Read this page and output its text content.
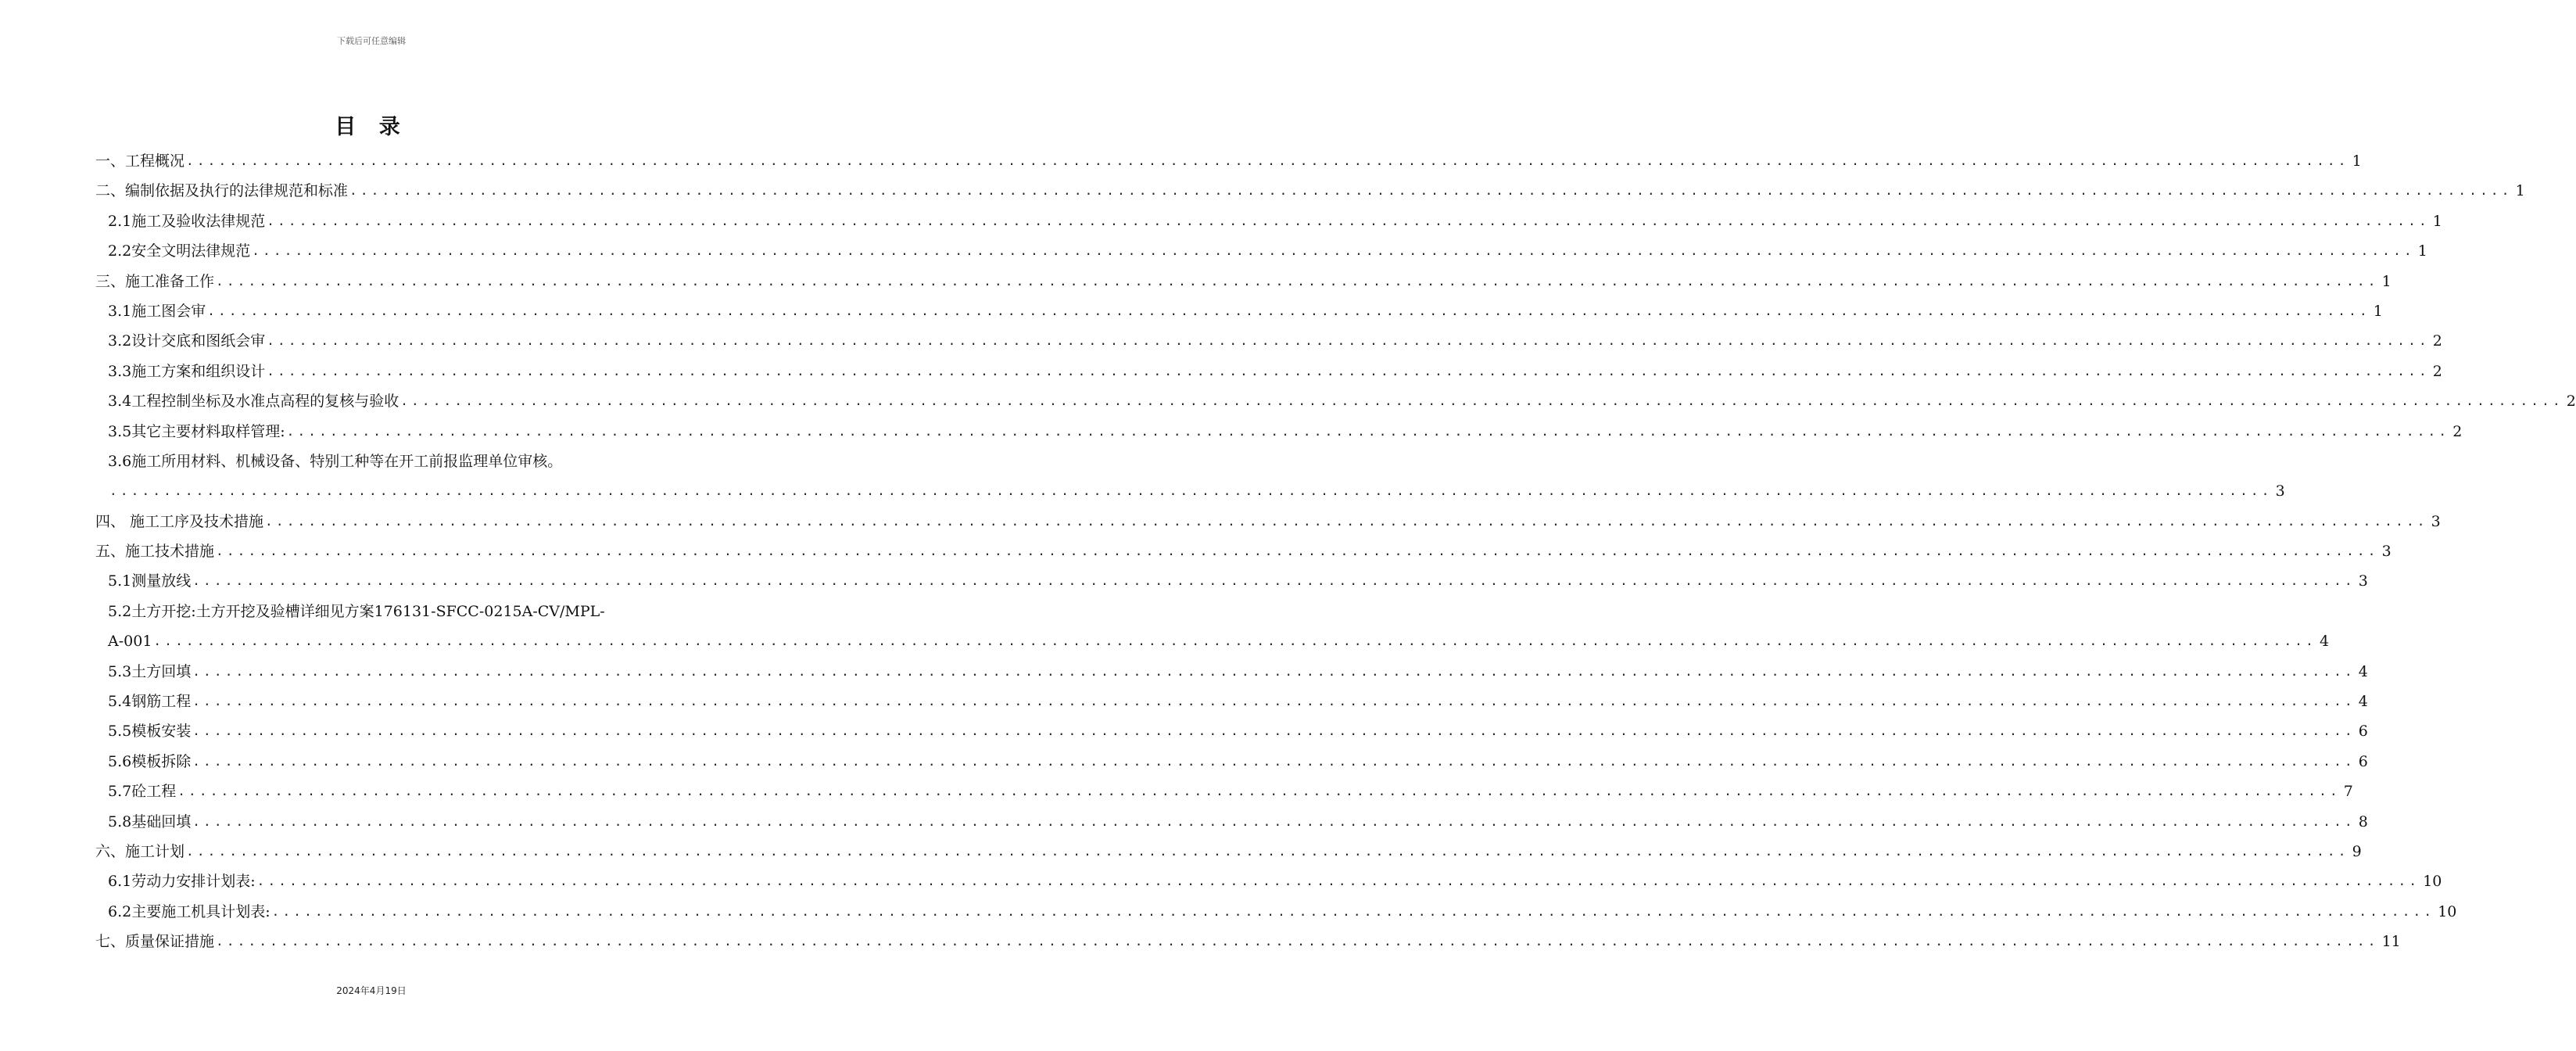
下载后可任意编辑
目 录
一、工程概况 ........................................................................................................................................................................................................ 1
二、编制依据及执行的法律规范和标准 ........................................................................................................................................................................................................ 1
2.1施工及验收法律规范 ........................................................................................................................................................................................................ 1
2.2安全文明法律规范 ........................................................................................................................................................................................................ 1
三、施工准备工作 ........................................................................................................................................................................................................ 1
3.1施工图会审 ........................................................................................................................................................................................................ 1
3.2设计交底和图纸会审 ........................................................................................................................................................................................................ 2
3.3施工方案和组织设计 ........................................................................................................................................................................................................ 2
3.4工程控制坐标及水准点高程的复核与验收 ........................................................................................................................................................................................................ 2
3.5其它主要材料取样管理: ........................................................................................................................................................................................................ 2
3.6施工所用材料、机械设备、特别工种等在开工前报监理单位审核。
........................................................................................................................................................................................................ 3
四、 施工工序及技术措施 ........................................................................................................................................................................................................ 3
五、施工技术措施 ........................................................................................................................................................................................................ 3
5.1测量放线 ........................................................................................................................................................................................................ 3
5.2土方开挖:土方开挖及验槽详细见方案176131-SFCC-0215A-CV/MPL-
A-001 ........................................................................................................................................................................................................ 4
5.3土方回填 ........................................................................................................................................................................................................ 4
5.4钢筋工程 ........................................................................................................................................................................................................ 4
5.5模板安装 ........................................................................................................................................................................................................ 6
5.6模板拆除 ........................................................................................................................................................................................................ 6
5.7砼工程 ........................................................................................................................................................................................................ 7
5.8基础回填 ........................................................................................................................................................................................................ 8
六、施工计划 ........................................................................................................................................................................................................ 9
6.1劳动力安排计划表: ........................................................................................................................................................................................................ 10
6.2主要施工机具计划表: ........................................................................................................................................................................................................ 10
七、质量保证措施 ........................................................................................................................................................................................................ 11
2024年4月19日
